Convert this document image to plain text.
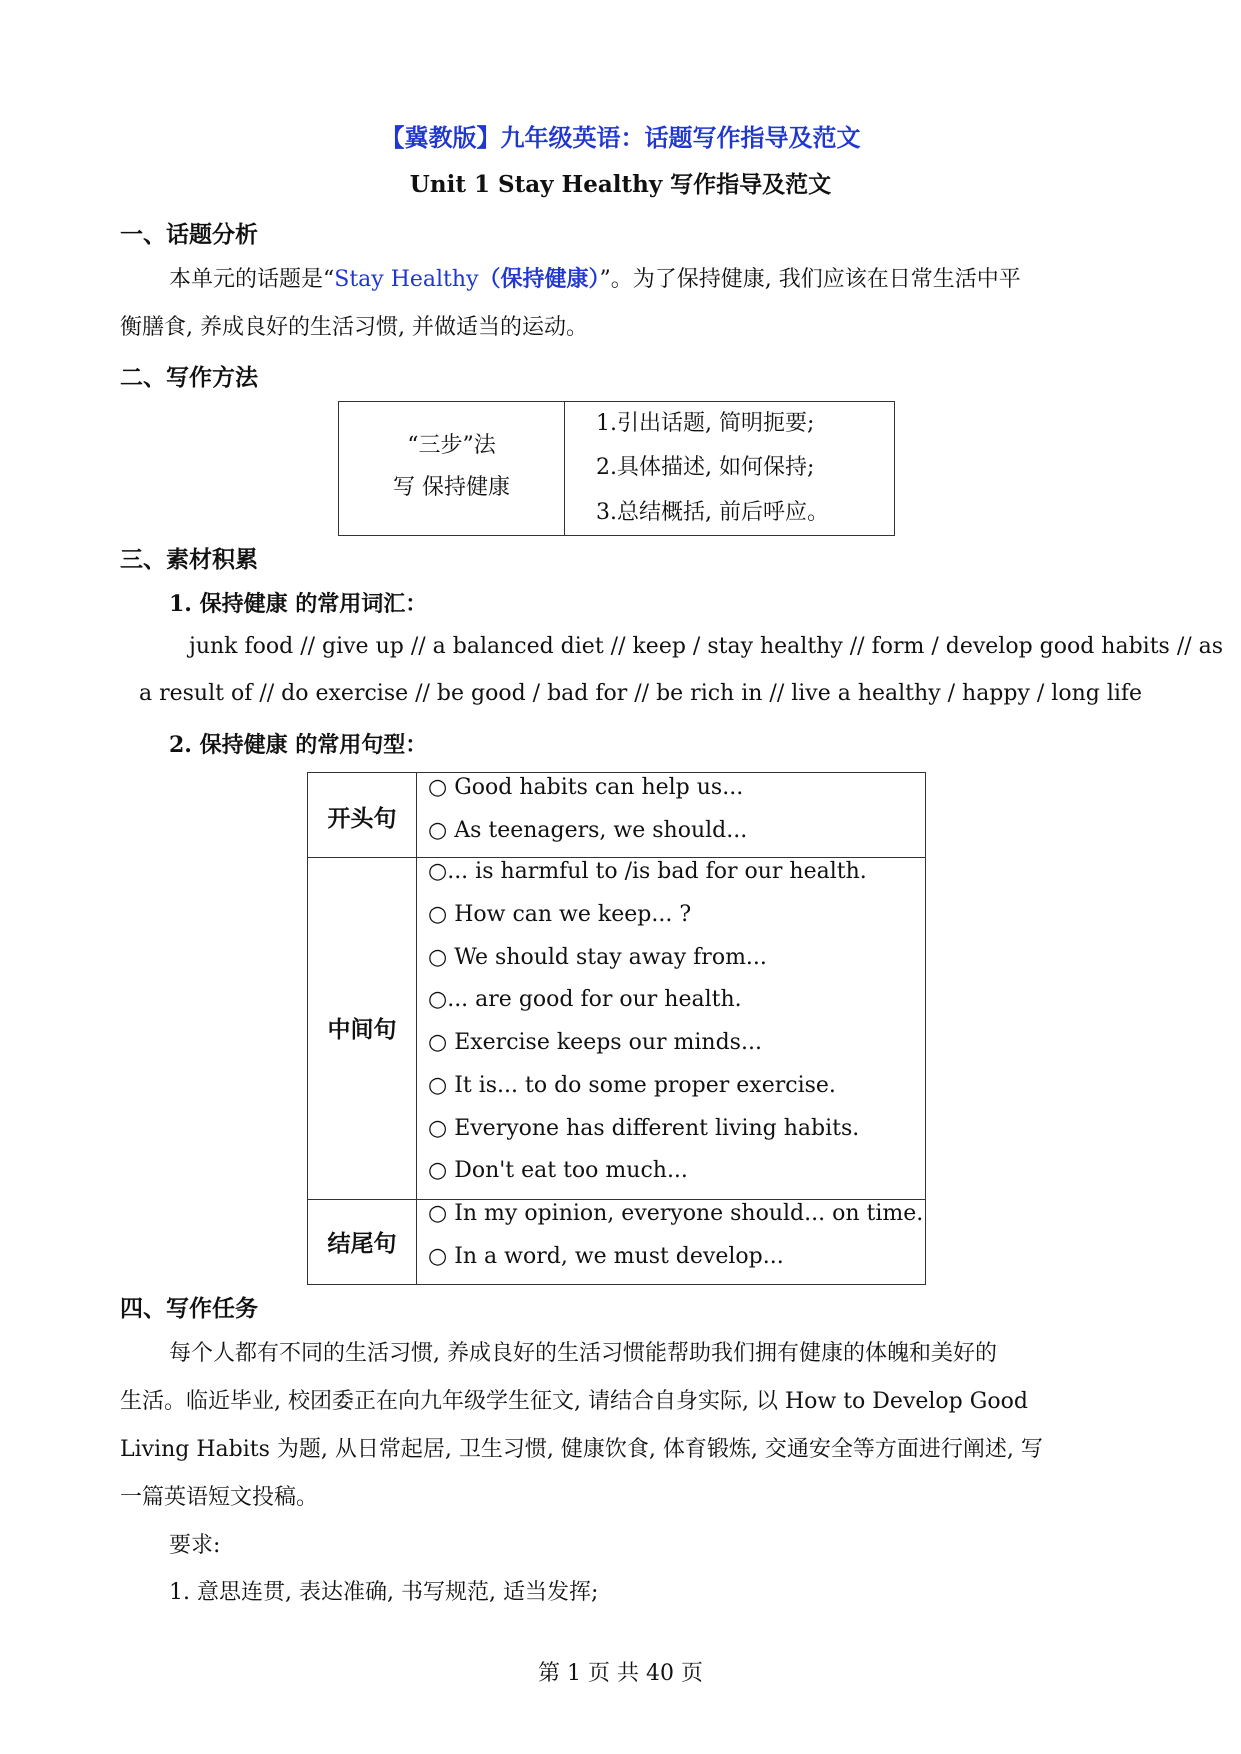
【冀教版】九年级英语：话题写作指导及范文
Unit 1 Stay Healthy 写作指导及范文
一、话题分析
本单元的话题是“Stay Healthy（保持健康）”。为了保持健康, 我们应该在日常生活中平
衡膳食, 养成良好的生活习惯, 并做适当的运动。
二、写作方法
“三步”法
写 保持健康
1.引出话题, 简明扼要;
2.具体描述, 如何保持;
3.总结概括, 前后呼应。
三、素材积累
1. 保持健康 的常用词汇：
junk food // give up // a balanced diet // keep / stay healthy // form / develop good habits // as
a result of // do exercise // be good / bad for // be rich in // live a healthy / happy / long life
2. 保持健康 的常用句型：
开头句
○ Good habits can help us...
○ As teenagers, we should...
中间句
○... is harmful to /is bad for our health.
○ How can we keep... ?
○ We should stay away from...
○... are good for our health.
○ Exercise keeps our minds...
○ It is... to do some proper exercise.
○ Everyone has different living habits.
○ Don't eat too much...
结尾句
○ In my opinion, everyone should... on time.
○ In a word, we must develop...
四、写作任务
每个人都有不同的生活习惯, 养成良好的生活习惯能帮助我们拥有健康的体魄和美好的
生活。临近毕业, 校团委正在向九年级学生征文, 请结合自身实际, 以 How to Develop Good
Living Habits 为题, 从日常起居, 卫生习惯, 健康饮食, 体育锻炼, 交通安全等方面进行阐述, 写
一篇英语短文投稿。
要求:
1. 意思连贯, 表达准确, 书写规范, 适当发挥;
第 1 页 共 40 页
